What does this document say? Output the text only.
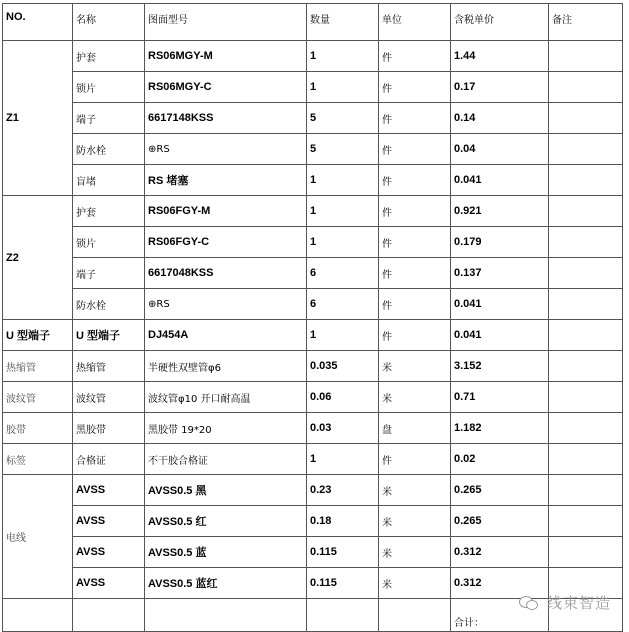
NO.	名称	图面型号	数量	单位	含税单价	备注
Z1	护套	RS06MGY-M	1	件	1.44	
	锁片	RS06MGY-C	1	件	0.17	
	端子	6617148KSS	5	件	0.14	
	防水栓	⊕RS	5	件	0.04	
	盲堵	RS 堵塞	1	件	0.041	
Z2	护套	RS06FGY-M	1	件	0.921	
	锁片	RS06FGY-C	1	件	0.179	
	端子	6617048KSS	6	件	0.137	
	防水栓	⊕RS	6	件	0.041	
U 型端子	U 型端子	DJ454A	1	件	0.041	
热缩管	热缩管	半硬性双壁管φ6	0.035	米	3.152	
波纹管	波纹管	波纹管φ10 开口耐高温	0.06	米	0.71	
胶带	黑胶带	黑胶带 19*20	0.03	盘	1.182	
标签	合格证	不干胶合格证	1	件	0.02	
电线	AVSS	AVSS0.5 黑	0.23	米	0.265	
	AVSS	AVSS0.5 红	0.18	米	0.265	
	AVSS	AVSS0.5 蓝	0.115	米	0.312	
	AVSS	AVSS0.5 蓝红	0.115	米	0.312	
					合计：	
线束智造
